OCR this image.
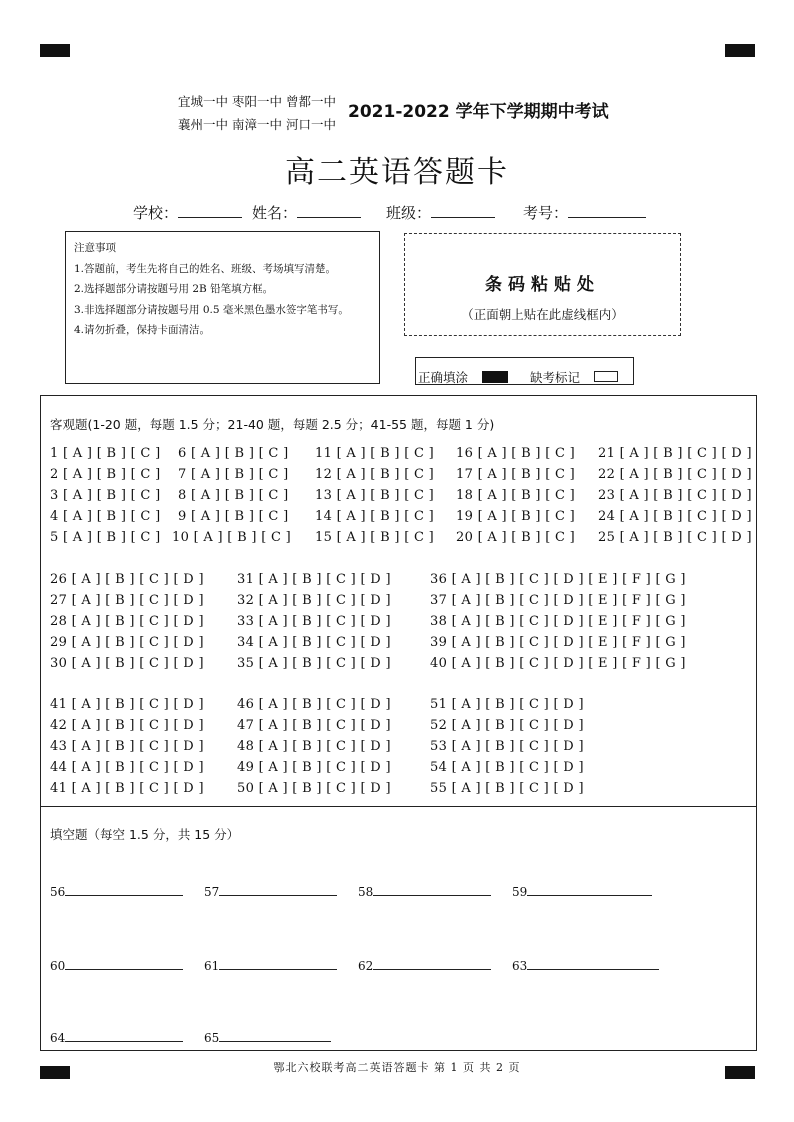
宜城一中 枣阳一中 曾都一中
襄州一中 南漳一中 河口一中
2021-2022 学年下学期期中考试
高二英语答题卡
学校：	姓名：	班级：	考号：
注意事项
1.答题前，考生先将自己的姓名、班级、考场填写清楚。
2.选择题部分请按题号用 2B 铅笔填方框。
3.非选择题部分请按题号用 0.5 毫米黑色墨水签字笔书写。
4.请勿折叠，保持卡面清洁。
条码粘贴处
（正面朝上贴在此虚线框内）
正确填涂	缺考标记
客观题(1-20 题，每题 1.5 分；21-40 题，每题 2.5 分；41-55 题，每题 1 分)
1 [ A ] [ B ] [ C ]
2 [ A ] [ B ] [ C ]
3 [ A ] [ B ] [ C ]
4 [ A ] [ B ] [ C ]
5 [ A ] [ B ] [ C ]
6 [ A ] [ B ] [ C ]
7 [ A ] [ B ] [ C ]
8 [ A ] [ B ] [ C ]
9 [ A ] [ B ] [ C ]
10 [ A ] [ B ] [ C ]
11 [ A ] [ B ] [ C ]
12 [ A ] [ B ] [ C ]
13 [ A ] [ B ] [ C ]
14 [ A ] [ B ] [ C ]
15 [ A ] [ B ] [ C ]
16 [ A ] [ B ] [ C ]
17 [ A ] [ B ] [ C ]
18 [ A ] [ B ] [ C ]
19 [ A ] [ B ] [ C ]
20 [ A ] [ B ] [ C ]
21 [ A ] [ B ] [ C ] [ D ]
22 [ A ] [ B ] [ C ] [ D ]
23 [ A ] [ B ] [ C ] [ D ]
24 [ A ] [ B ] [ C ] [ D ]
25 [ A ] [ B ] [ C ] [ D ]
26 [ A ] [ B ] [ C ] [ D ]
27 [ A ] [ B ] [ C ] [ D ]
28 [ A ] [ B ] [ C ] [ D ]
29 [ A ] [ B ] [ C ] [ D ]
30 [ A ] [ B ] [ C ] [ D ]
31 [ A ] [ B ] [ C ] [ D ]
32 [ A ] [ B ] [ C ] [ D ]
33 [ A ] [ B ] [ C ] [ D ]
34 [ A ] [ B ] [ C ] [ D ]
35 [ A ] [ B ] [ C ] [ D ]
36 [ A ] [ B ] [ C ] [ D ] [ E ] [ F ] [ G ]
37 [ A ] [ B ] [ C ] [ D ] [ E ] [ F ] [ G ]
38 [ A ] [ B ] [ C ] [ D ] [ E ] [ F ] [ G ]
39 [ A ] [ B ] [ C ] [ D ] [ E ] [ F ] [ G ]
40 [ A ] [ B ] [ C ] [ D ] [ E ] [ F ] [ G ]
41 [ A ] [ B ] [ C ] [ D ]
42 [ A ] [ B ] [ C ] [ D ]
43 [ A ] [ B ] [ C ] [ D ]
44 [ A ] [ B ] [ C ] [ D ]
41 [ A ] [ B ] [ C ] [ D ]
46 [ A ] [ B ] [ C ] [ D ]
47 [ A ] [ B ] [ C ] [ D ]
48 [ A ] [ B ] [ C ] [ D ]
49 [ A ] [ B ] [ C ] [ D ]
50 [ A ] [ B ] [ C ] [ D ]
51 [ A ] [ B ] [ C ] [ D ]
52 [ A ] [ B ] [ C ] [ D ]
53 [ A ] [ B ] [ C ] [ D ]
54 [ A ] [ B ] [ C ] [ D ]
55 [ A ] [ B ] [ C ] [ D ]
填空题（每空 1.5 分，共 15 分）
56	57	58	59
60	61	62	63
64	65
鄂北六校联考高二英语答题卡 第 1 页 共 2 页
